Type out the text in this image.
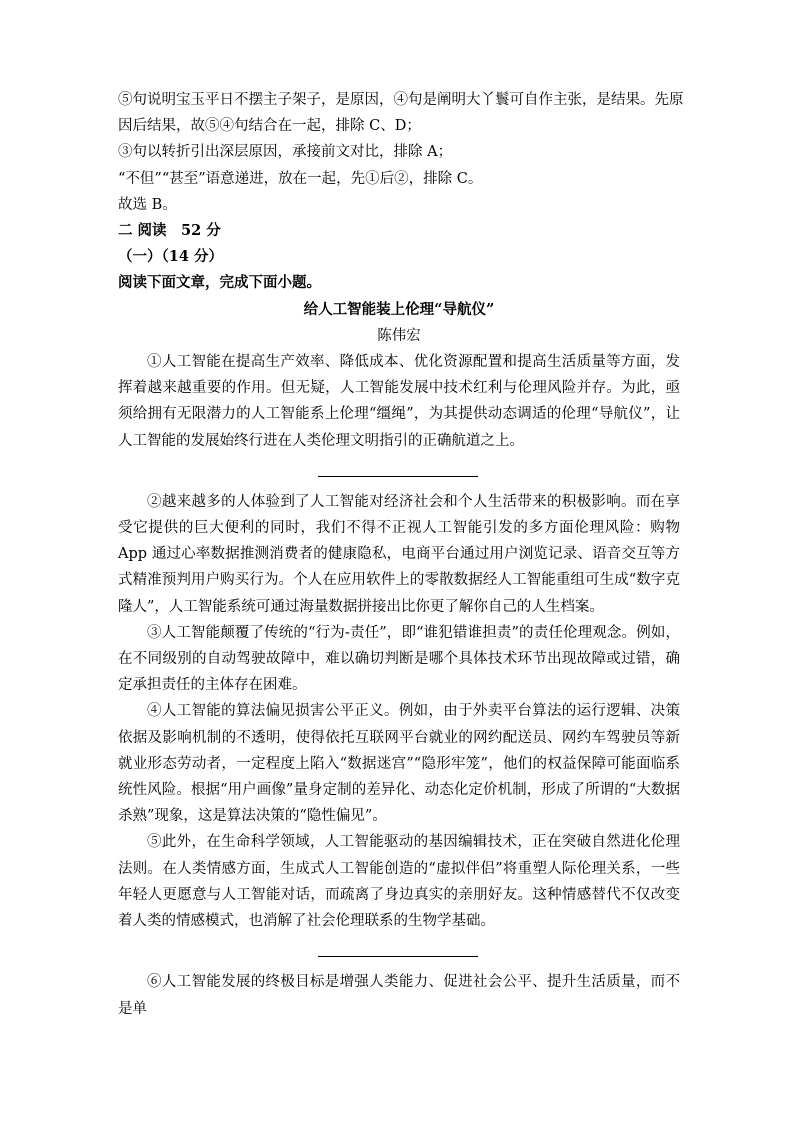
⑤句说明宝玉平日不摆主子架子，是原因，④句是阐明大丫鬟可自作主张，是结果。先原
因后结果，故⑤④句结合在一起，排除 C、D；
③句以转折引出深层原因，承接前文对比，排除 A；
“不但”“甚至”语意递进，放在一起，先①后②，排除 C。
故选 B。
二 阅读　52 分
（一）（14 分）
阅读下面文章，完成下面小题。
给人工智能装上伦理“导航仪”
陈伟宏

①人工智能在提高生产效率、降低成本、优化资源配置和提高生活质量等方面，发挥着越来越重要的作用。但无疑，人工智能发展中技术红利与伦理风险并存。为此，亟须给拥有无限潜力的人工智能系上伦理“缰绳”，为其提供动态调适的伦理“导航仪”，让人工智能的发展始终行进在人类伦理文明指引的正确航道之上。

②越来越多的人体验到了人工智能对经济社会和个人生活带来的积极影响。而在享受它提供的巨大便利的同时，我们不得不正视人工智能引发的多方面伦理风险：购物 App 通过心率数据推测消费者的健康隐私，电商平台通过用户浏览记录、语音交互等方式精准预判用户购买行为。个人在应用软件上的零散数据经人工智能重组可生成“数字克隆人”，人工智能系统可通过海量数据拼接出比你更了解你自己的人生档案。

③人工智能颠覆了传统的“行为-责任”，即“谁犯错谁担责”的责任伦理观念。例如，在不同级别的自动驾驶故障中，难以确切判断是哪个具体技术环节出现故障或过错，确定承担责任的主体存在困难。

④人工智能的算法偏见损害公平正义。例如，由于外卖平台算法的运行逻辑、决策依据及影响机制的不透明，使得依托互联网平台就业的网约配送员、网约车驾驶员等新就业形态劳动者，一定程度上陷入“数据迷宫”“隐形牢笼”，他们的权益保障可能面临系统性风险。根据“用户画像”量身定制的差异化、动态化定价机制，形成了所谓的“大数据杀熟”现象，这是算法决策的“隐性偏见”。

⑤此外，在生命科学领域，人工智能驱动的基因编辑技术，正在突破自然进化伦理法则。在人类情感方面，生成式人工智能创造的“虚拟伴侣”将重塑人际伦理关系，一些年轻人更愿意与人工智能对话，而疏离了身边真实的亲朋好友。这种情感替代不仅改变着人类的情感模式，也消解了社会伦理联系的生物学基础。

⑥人工智能发展的终极目标是增强人类能力、促进社会公平、提升生活质量，而不是单
